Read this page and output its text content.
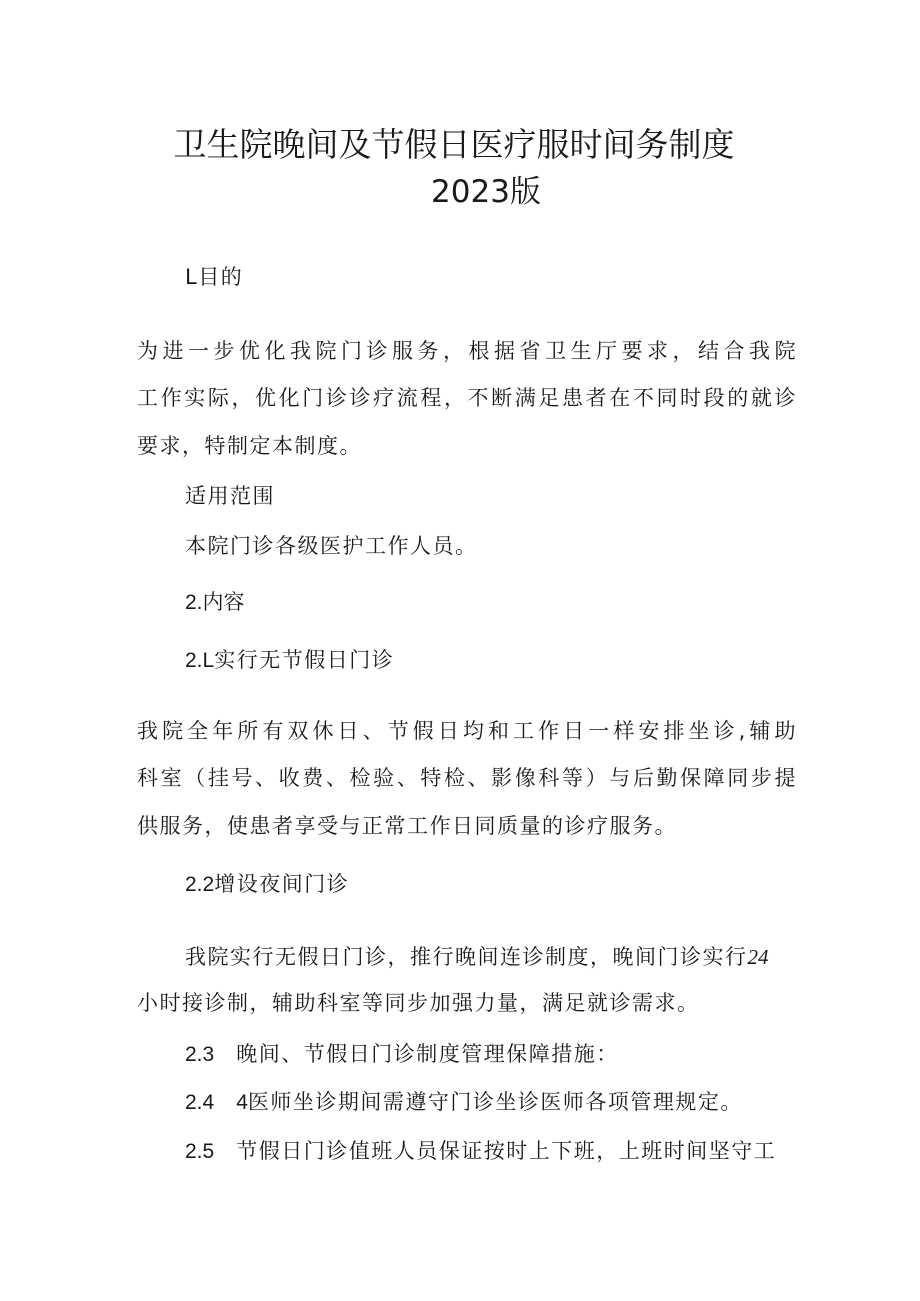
卫生院晚间及节假日医疗服时间务制度
2023版
L目的
为进一步优化我院门诊服务，根据省卫生厅要求，结合我院
工作实际，优化门诊诊疗流程，不断满足患者在不同时段的就诊
要求，特制定本制度。
适用范围
本院门诊各级医护工作人员。
2.内容
2.L实行无节假日门诊
我院全年所有双休日、节假日均和工作日一样安排坐诊,辅助
科室（挂号、收费、检验、特检、影像科等）与后勤保障同步提
供服务，使患者享受与正常工作日同质量的诊疗服务。
2.2增设夜间门诊
我院实行无假日门诊，推行晚间连诊制度，晚间门诊实行24
小时接诊制，辅助科室等同步加强力量，满足就诊需求。
2.3 晚间、节假日门诊制度管理保障措施：
2.4 4医师坐诊期间需遵守门诊坐诊医师各项管理规定。
2.5 节假日门诊值班人员保证按时上下班，上班时间坚守工
